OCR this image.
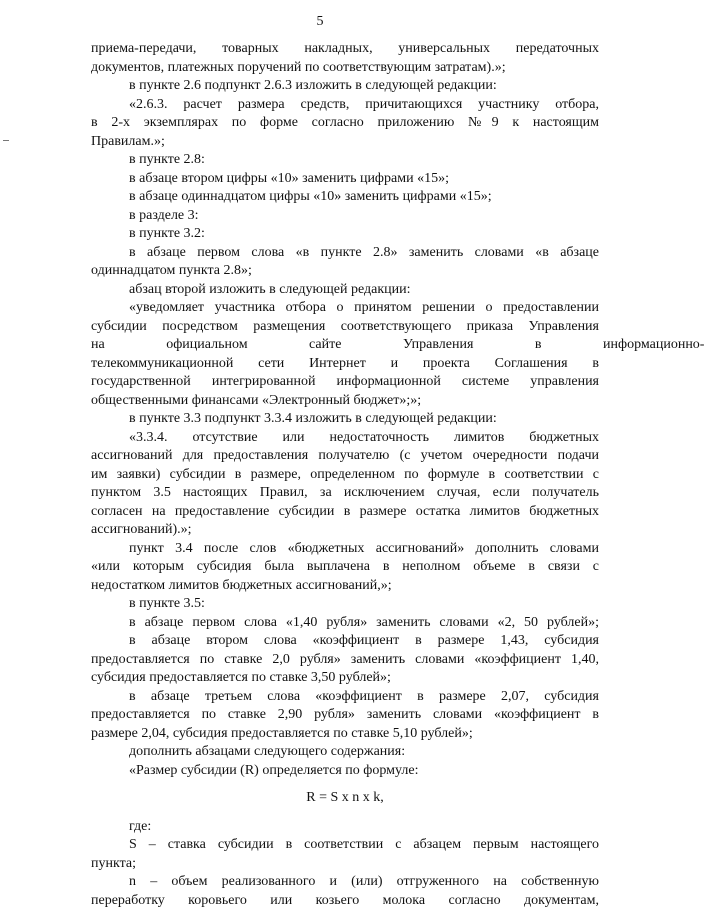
5
приема-передачи, товарных накладных, универсальных передаточных
документов, платежных поручений по соответствующим затратам).»;
в пункте 2.6 подпункт 2.6.3 изложить в следующей редакции:
«2.6.3. расчет размера средств, причитающихся участнику отбора,
в 2-х экземплярах по форме согласно приложению №9 к настоящим
Правилам.»;
в пункте 2.8:
в абзаце втором цифры «10» заменить цифрами «15»;
в абзаце одиннадцатом цифры «10» заменить цифрами «15»;
в разделе 3:
в пункте 3.2:
в абзаце первом слова «в пункте 2.8» заменить словами «в абзаце
одиннадцатом пункта 2.8»;
абзац второй изложить в следующей редакции:
«уведомляет участника отбора о принятом решении о предоставлении
субсидии посредством размещения соответствующего приказа Управления
на официальном сайте Управления в информационно-
телекоммуникационной сети Интернет и проекта Соглашения в
государственной интегрированной информационной системе управления
общественными финансами «Электронный бюджет»;»;
в пункте 3.3 подпункт 3.3.4 изложить в следующей редакции:
«3.3.4. отсутствие или недостаточность лимитов бюджетных
ассигнований для предоставления получателю (с учетом очередности подачи
им заявки) субсидии в размере, определенном по формуле в соответствии с
пунктом 3.5 настоящих Правил, за исключением случая, если получатель
согласен на предоставление субсидии в размере остатка лимитов бюджетных
ассигнований).»;
пункт 3.4 после слов «бюджетных ассигнований» дополнить словами
«или которым субсидия была выплачена в неполном объеме в связи с
недостатком лимитов бюджетных ассигнований,»;
в пункте 3.5:
в абзаце первом слова «1,40 рубля» заменить словами «2, 50 рублей»;
в абзаце втором слова «коэффициент в размере 1,43, субсидия
предоставляется по ставке 2,0 рубля» заменить словами «коэффициент 1,40,
субсидия предоставляется по ставке 3,50 рублей»;
в абзаце третьем слова «коэффициент в размере 2,07, субсидия
предоставляется по ставке 2,90 рубля» заменить словами «коэффициент в
размере 2,04, субсидия предоставляется по ставке 5,10 рублей»;
дополнить абзацами следующего содержания:
«Размер субсидии (R) определяется по формуле:
R = S x n x k,
где:
S – ставка субсидии в соответствии с абзацем первым настоящего
пункта;
n – объем реализованного и (или) отгруженного на собственную
переработку коровьего или козьего молока согласно документам,
